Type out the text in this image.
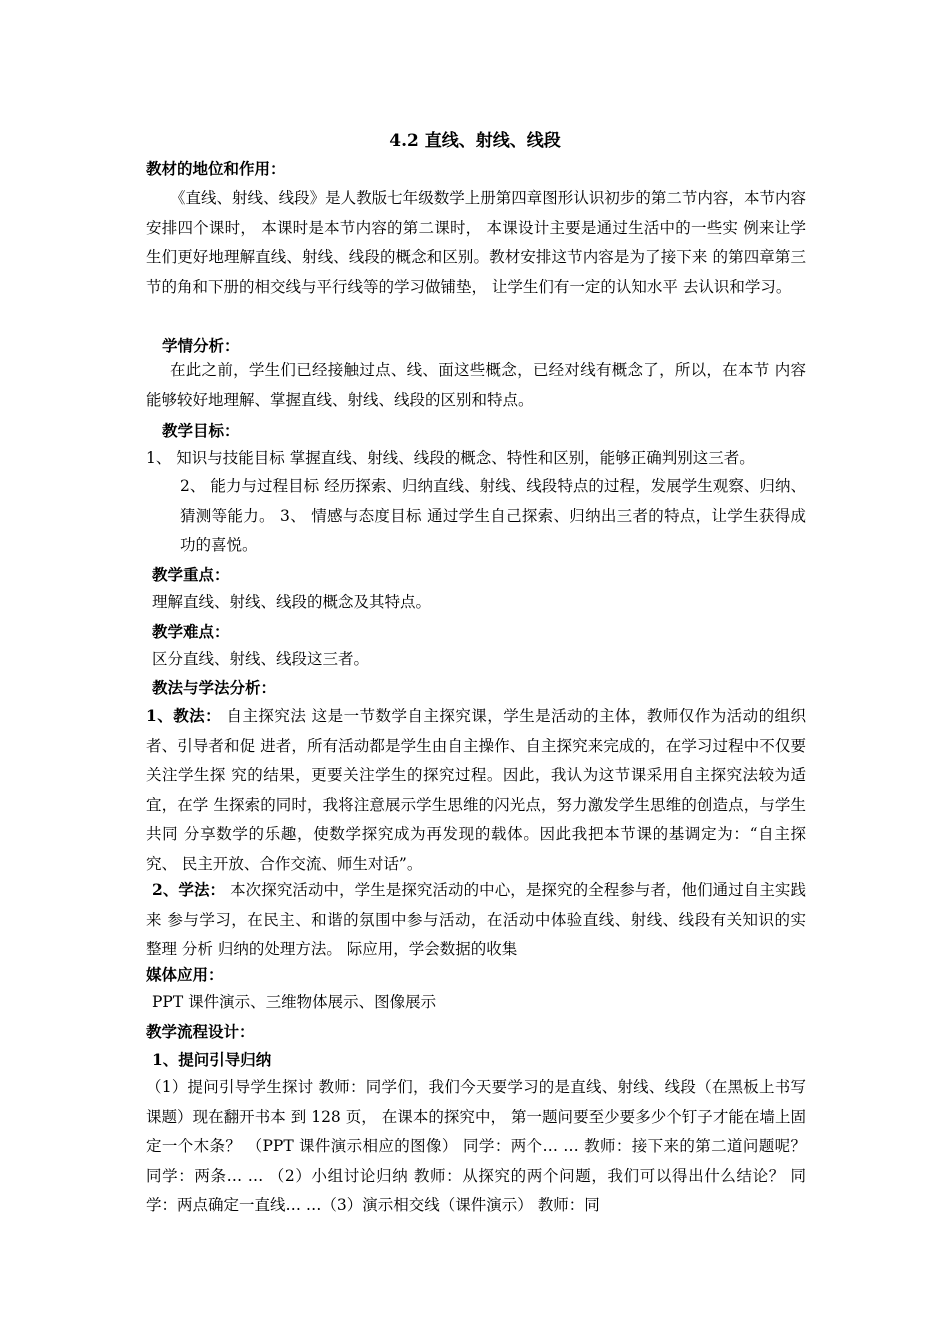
4.2 直线、射线、线段
教材的地位和作用：

《直线、射线、线段》是人教版七年级数学上册第四章图形认识初步的第二节内容，本节内容安排四个课时， 本课时是本节内容的第二课时， 本课设计主要是通过生活中的一些实 例来让学生们更好地理解直线、射线、线段的概念和区别。教材安排这节内容是为了接下来 的第四章第三节的角和下册的相交线与平行线等的学习做铺垫， 让学生们有一定的认知水平 去认识和学习。

学情分析：

在此之前，学生们已经接触过点、线、面这些概念，已经对线有概念了，所以，在本节 内容能够较好地理解、掌握直线、射线、线段的区别和特点。

教学目标：
1、 知识与技能目标 掌握直线、射线、线段的概念、特性和区别，能够正确判别这三者。

2、 能力与过程目标 经历探索、归纳直线、射线、线段特点的过程，发展学生观察、归纳、猜测等能力。 3、 情感与态度目标 通过学生自己探索、归纳出三者的特点，让学生获得成功的喜悦。

教学重点：
理解直线、射线、线段的概念及其特点。
教学难点：
区分直线、射线、线段这三者。
教法与学法分析：

1、教法： 自主探究法 这是一节数学自主探究课，学生是活动的主体，教师仅作为活动的组织者、引导者和促 进者，所有活动都是学生由自主操作、自主探究来完成的，在学习过程中不仅要关注学生探 究的结果，更要关注学生的探究过程。因此，我认为这节课采用自主探究法较为适宜，在学 生探索的同时，我将注意展示学生思维的闪光点，努力激发学生思维的创造点，与学生共同 分享数学的乐趣，使数学探究成为再发现的载体。因此我把本节课的基调定为：“自主探究、 民主开放、合作交流、师生对话”。

2、学法： 本次探究活动中，学生是探究活动的中心，是探究的全程参与者，他们通过自主实践来 参与学习，在民主、和谐的氛围中参与活动，在活动中体验直线、射线、线段有关知识的实 整理 分析 归纳的处理方法。 际应用，学会数据的收集

媒体应用：
PPT 课件演示、三维物体展示、图像展示
教学流程设计：
1、提问引导归纳

（1）提问引导学生探讨 教师：同学们，我们今天要学习的是直线、射线、线段（在黑板上书写课题）现在翻开书本 到 128 页， 在课本的探究中， 第一题问要至少要多少个钉子才能在墙上固定一个木条？ （PPT 课件演示相应的图像） 同学：两个… … 教师：接下来的第二道问题呢？ 同学：两条… … （2）小组讨论归纳 教师：从探究的两个问题，我们可以得出什么结论？ 同学：两点确定一直线… …（3）演示相交线（课件演示） 教师：同
